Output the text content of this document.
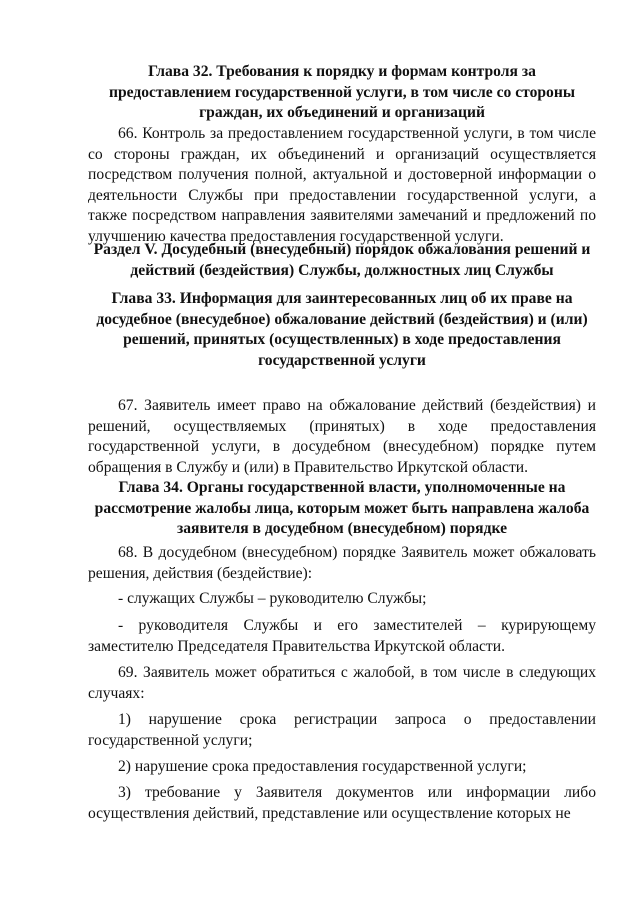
Глава 32. Требования к порядку и формам контроля за предоставлением государственной услуги, в том числе со стороны граждан, их объединений и организаций

66. Контроль за предоставлением государственной услуги, в том числе со стороны граждан, их объединений и организаций осуществляется посредством получения полной, актуальной и достоверной информации о деятельности Службы при предоставлении государственной услуги, а также посредством направления заявителями замечаний и предложений по улучшению качества предоставления государственной услуги.

Раздел V. Досудебный (внесудебный) порядок обжалования решений и действий (бездействия) Службы, должностных лиц Службы

Глава 33. Информация для заинтересованных лиц об их праве на досудебное (внесудебное) обжалование действий (бездействия) и (или) решений, принятых (осуществленных) в ходе предоставления государственной услуги

67. Заявитель имеет право на обжалование действий (бездействия) и решений, осуществляемых (принятых) в ходе предоставления государственной услуги, в досудебном (внесудебном) порядке путем обращения в Службу и (или) в Правительство Иркутской области.

Глава 34. Органы государственной власти, уполномоченные на рассмотрение жалобы лица, которым может быть направлена жалоба заявителя в досудебном (внесудебном) порядке

68. В досудебном (внесудебном) порядке Заявитель может обжаловать решения, действия (бездействие):

- служащих Службы – руководителю Службы;

- руководителя Службы и его заместителей – курирующему заместителю Председателя Правительства Иркутской области.

69. Заявитель может обратиться с жалобой, в том числе в следующих случаях:

1) нарушение срока регистрации запроса о предоставлении государственной услуги;

2) нарушение срока предоставления государственной услуги;

3) требование у Заявителя документов или информации либо осуществления действий, представление или осуществление которых не
